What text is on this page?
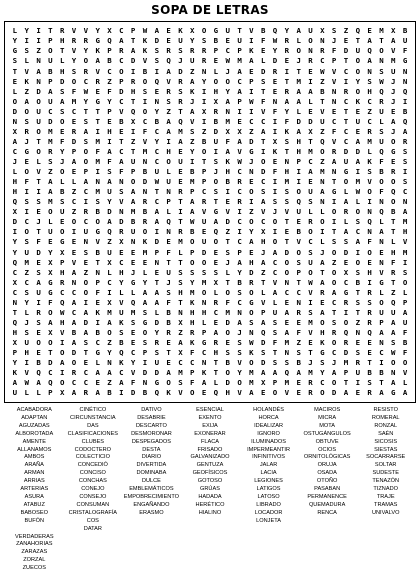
SOPA DE LETRAS
L Y I T R V V Y X C P W A E K X O G U T V B Q Y A U X S Z Q E M X B
Y I I P H R R G Q A T K D E U Y S B E U I F W R L O N J E T A T A U
G S Z O T V Y K P R A K S R S R R P C P K E Y R O N R F D U Q O V F
S L N U L Y O A B C D V S Q J U R E W M A L D E J R C P T O A N M G
T V A B H S R V C O I B I A D Z N L J A E D R I T E W V C O N S U N
E K N P D O C R Z P R O Q V R A Y O O C P S E T M I Z V I Y S W J N
L Z D A S F W E F D H S E R S K I H Y A I T E R A A B N R O H Q J Q
O A O U A M Y G Y C T I N S R J I X A P W F N A A L T N C K C R J I
D O U C S C T T P V Q O Y Z T A X R N I I V F Y L E V E T E Z U E B
N S U D O E S T E B X C B A Q V I B M E C C I F D D U C T U C L A Q
X R O M E R A I H E I F C A M S Z D X X Z A I K A X Z F C E R S J A
A J T M F D S M I T Z V Y I A Z B U F A D T X S H T Q V C A M U O R
C G O R Y P O F A C T M C H E Y O I A V G I K T H M O R D D L Q G S
J E L S J A O M F A U N C O U I T S K W J O E N P C Z A U A K F E S
L O V Z O E P I S F P B U L E B P J H C N D F H I A M N G I S B R I
H F T A L L A N A N O D W U E M P O B R E C I M I E N T O M V O O S
H I I A B Z C M U S A N T N R P C S I C O S I S O U A G L W O F Q C
Q S S M S C I S Y V A R C P T A R T E R I A S S Q S N I A L I N O N
X I E O U Z R B D N M B A L I A V G V I Z V J V U L L O R O N Q B A
D C J L E O C O A D B R A Q T W U A D C O C O T E R O I L S Q L T M
I O T U O I U G Q R U O I N R B E Q Z I Y X I E B O I T A C N A T H
Y S F E G E N V Z X N K D E M O U O T C A H O T V C L S S A F N L V
Y U D Y X E S B U E E M P F L P D E S P E J A D O S J O D I O E H M
Q M E X P V E T X C E E N T T O O E J A H A C O S U A Z E O E N F I
C Z S X H A Z N L H J L E U S S S S L Y D Z C O P O T O X S H V R S
X C A G R N O P C Y G Y T J S Y M X T B R T V N T W A O C B I G T O
C S U G C C O F I L L A A S H M O L O S O L A C C V R A G T R L Z L
N Y I F Q A I E X V Q A A F T K N R F C G V L E N I E C R S S O Q P
T L R O W C A K M U M S L B N H H C M N O P U A R S A T I T R U U A
Q J S A H A D I A K S G D B X H L E D A S A S E E M O S O Z R P A U
H S E X V B A B O S E O Y R Z R P A O J N Q S A F V H R Q N Q A A F
X U O O I A S C Z B E S R E A K G R E S W D F M Z E K O R E E N S B
P H E T O D T G Y Q C P S T X F C H S S K S T N S T G C D S E C W F
Y I B D A O E L N K Y I U E C C N T B V O D S S B J S J M R T I O O
K V Q C I R C A A C V D D A M P K T O Y M A A Q A M Y A P U B B N V
A W A Q O C C E Z A F N G O S F A L D O M X P M E R C O T I S T A L
U L L P X A R A B I D B Q K V O E Q H V A E O V E R O D A E R A G A
ACABADORA
ADAPTAN
AGUZADAS
ALBOROTADA
AMENTE
ALLANAMOS
AMBOS
ARAÑA
ARMAN
ARRIAS
ARTERIAS
ASURA
ATABUZ
BABOSEO
BUFÓN
CINÉTICO
CIRCUNSTANCIA
DAS
CLASIFICACIONES
CLUBES
CODOCTERO
COLECTICIO
CONCEDIÓ
CONCISO
CONCHAS
CONEJO
CONSEJO
CONSUMAN
CRISTALOGRAFÍA
COS
DATAR
DATIVO
DESABRIE
DESCARTO
DESMORONAR
DESPEGADOS
DESTA
DIARIO
DIVERTIDA
DOMINABA
DULCE
EMBLEMÁTICOS
EMPOBRECIMIENTO
ENGAÑANDO
ERASMO
ESENCIAL
EXENTO
EXIJA
EXONERAR
FLACA
FRISADO
GALVANIZADO
GENTUZA
GEOFÍSICOS
GOTOSO
GRÚAS
HADADA
HERÉTICO
HIALINO
HOLANDÉS
HORCA
IDEALIZAR
IGNORO
ILUMINADOS
IMPERMEANTIR
INFINITIVOS
JALAR
LACIA
LEGIONES
LATIGOS
LATOSO
LIBRADO
LOCADOR
LONJETA
MACIROS
MICRA
MOTA
OSTUGÁNGULOS
OBTUVE
OCIOS
ORNITOLÓGICAS
ORUJA
OSADA
OTOÑO
PASABAN
PERMANENCE
QUEMADURA
RENCA
RESISTO
ROMERAL
RONZAL
SAÉN
SICOSIS
SIESTAS
SOCARRARSE
SOLTAR
SUDESTE
TENAZÓN
TIZNADO
TRAJE
TRAMAS
UNIVALVO
VERDADERAS
ZANAHORIAS
ZARAZAS
ZORZAL
ZUECOS
